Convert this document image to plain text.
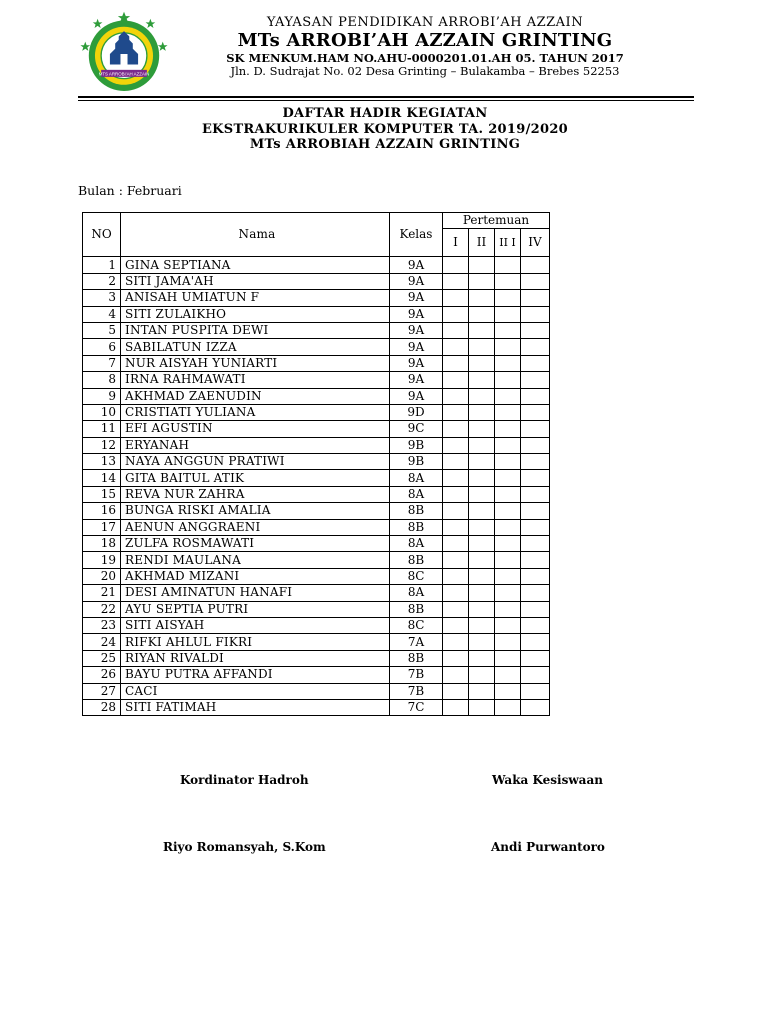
MTS ARROBI'AH AZZAIN
YAYASAN PENDIDIKAN ARROBI’AH AZZAIN
MTs ARROBI’AH AZZAIN GRINTING
SK MENKUM.HAM NO.AHU-0000201.01.AH 05. TAHUN 2017
Jln. D. Sudrajat No. 02 Desa Grinting – Bulakamba – Brebes 52253
DAFTAR HADIR KEGIATAN
EKSTRAKURIKULER KOMPUTER TA. 2019/2020
MTs ARROBIAH AZZAIN GRINTING
Bulan : Februari
NO	Nama	Kelas	Pertemuan			
			I	II	II I	IV
1	GINA SEPTIANA	9A				
2	SITI JAMA'AH	9A				
3	ANISAH UMIATUN F	9A				
4	SITI ZULAIKHO	9A				
5	INTAN PUSPITA DEWI	9A				
6	SABILATUN IZZA	9A				
7	NUR AISYAH YUNIARTI	9A				
8	IRNA RAHMAWATI	9A				
9	AKHMAD ZAENUDIN	9A				
10	CRISTIATI YULIANA	9D				
11	EFI AGUSTIN	9C				
12	ERYANAH	9B				
13	NAYA ANGGUN PRATIWI	9B				
14	GITA BAITUL ATIK	8A				
15	REVA NUR ZAHRA	8A				
16	BUNGA RISKI AMALIA	8B				
17	AENUN ANGGRAENI	8B				
18	ZULFA ROSMAWATI	8A				
19	RENDI MAULANA	8B				
20	AKHMAD MIZANI	8C				
21	DESI AMINATUN HANAFI	8A				
22	AYU SEPTIA PUTRI	8B				
23	SITI AISYAH	8C				
24	RIFKI AHLUL FIKRI	7A				
25	RIYAN RIVALDI	8B				
26	BAYU PUTRA AFFANDI	7B				
27	CACI	7B				
28	SITI FATIMAH	7C				
Kordinator Hadroh	Waka Kesiswaan
Riyo Romansyah, S.Kom	Andi Purwantoro
